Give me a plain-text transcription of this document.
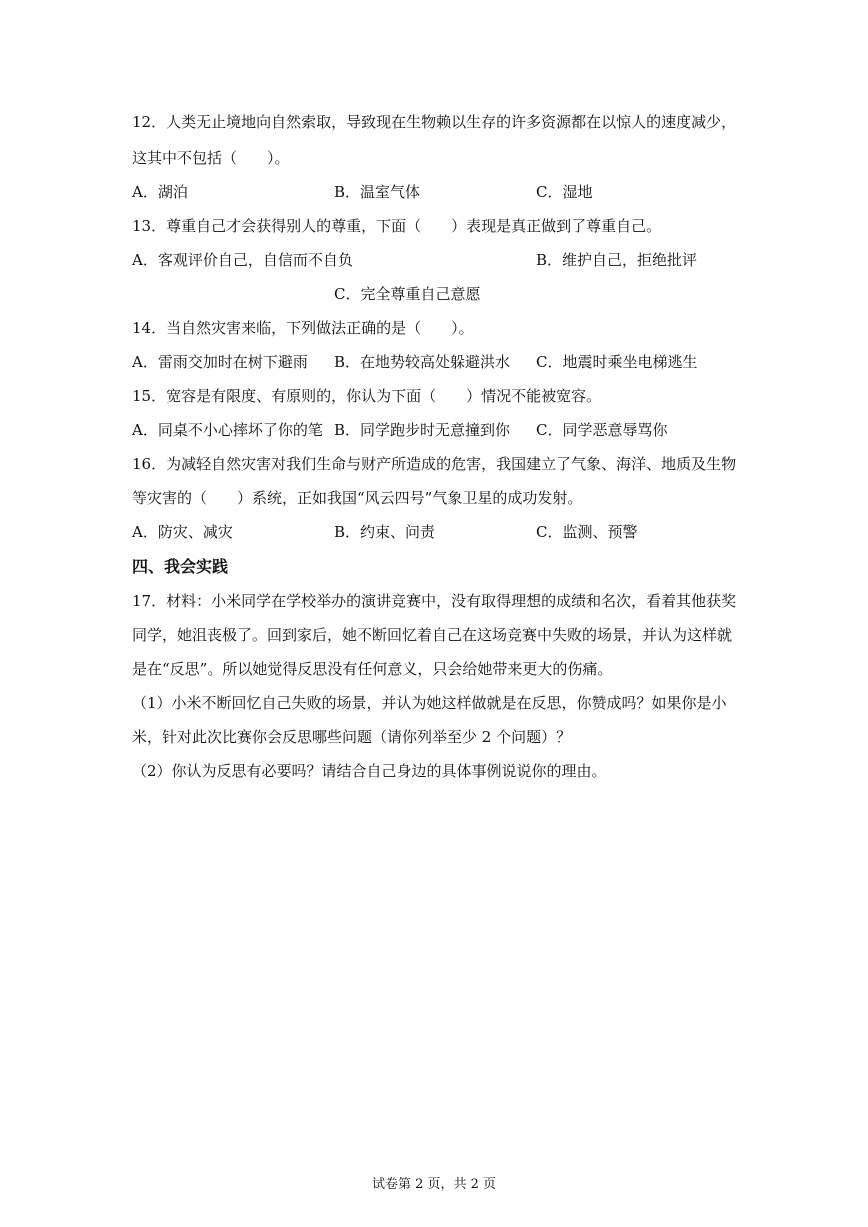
12．人类无止境地向自然索取，导致现在生物赖以生存的许多资源都在以惊人的速度减少，
这其中不包括（　　）。
A．湖泊	B．温室气体	C．湿地
13．尊重自己才会获得别人的尊重，下面（　　）表现是真正做到了尊重自己。
A．客观评价自己，自信而不自负	B．维护自己，拒绝批评
C．完全尊重自己意愿
14．当自然灾害来临，下列做法正确的是（　　）。
A．雷雨交加时在树下避雨 B．在地势较高处躲避洪水 C．地震时乘坐电梯逃生
15．宽容是有限度、有原则的，你认为下面（　　）情况不能被宽容。
A．同桌不小心摔坏了你的笔 B．同学跑步时无意撞到你 C．同学恶意辱骂你
16．为减轻自然灾害对我们生命与财产所造成的危害，我国建立了气象、海洋、地质及生物
等灾害的（　　）系统，正如我国“风云四号”气象卫星的成功发射。
A．防灾、减灾	B．约束、问责	C．监测、预警
四、我会实践
17．材料：小米同学在学校举办的演讲竞赛中，没有取得理想的成绩和名次，看着其他获奖
同学，她沮丧极了。回到家后，她不断回忆着自己在这场竞赛中失败的场景，并认为这样就
是在“反思”。所以她觉得反思没有任何意义，只会给她带来更大的伤痛。
（1）小米不断回忆自己失败的场景，并认为她这样做就是在反思，你赞成吗？如果你是小
米，针对此次比赛你会反思哪些问题（请你列举至少 2 个问题）？
（2）你认为反思有必要吗？请结合自己身边的具体事例说说你的理由。
试卷第 2 页，共 2 页
